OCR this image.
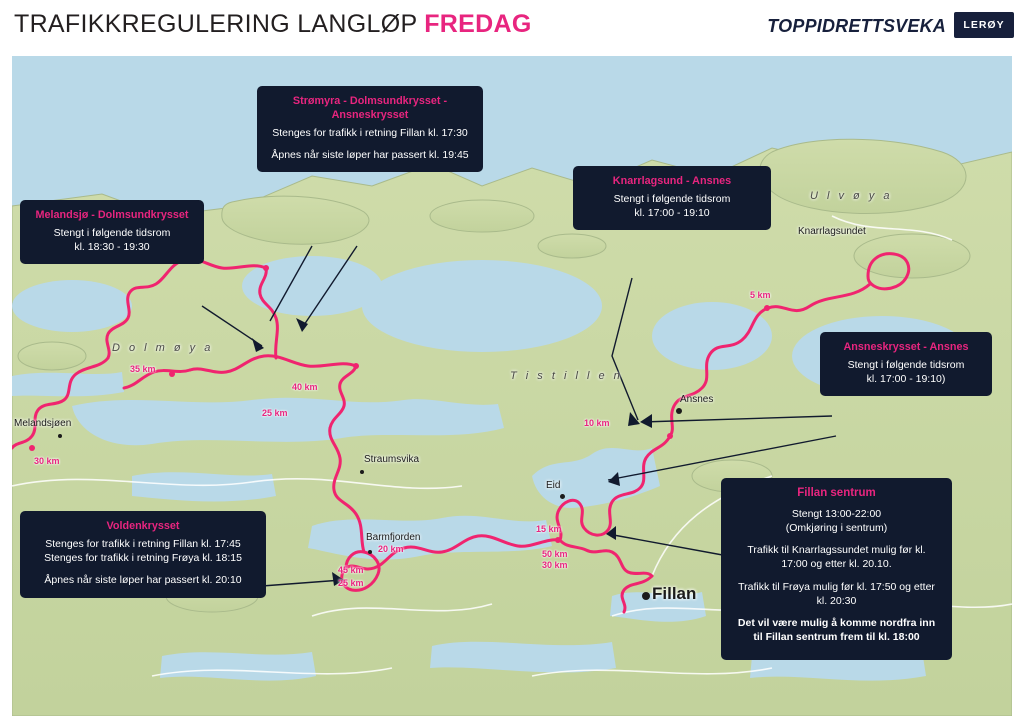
TRAFIKKREGULERING LANGLØP FREDAG	TOPPIDRETTSVEKA	LERØY
U l v ø y a
D o l m ø y a
T i s t i l l e n
Knarrlagsundet
Ansnes
Eid
Straumsvika
Barmfjorden
Melandsjøen
Fillan
5 km
10 km
15 km
20 km
25 km
25 km
30 km
30 km
35 km
40 km
45 km
50 km
Melandsjø - Dolmsundkrysset

Stengt i følgende tidsrom

kl. 18:30 - 19:30

Strømyra - Dolmsundkrysset - Ansneskrysset

Stenges for trafikk i retning Fillan kl. 17:30

Åpnes når siste løper har passert kl. 19:45

Knarrlagsund - Ansnes

Stengt i følgende tidsrom

kl. 17:00 - 19:10

Ansneskrysset - Ansnes

Stengt i følgende tidsrom

kl. 17:00 - 19:10)

Voldenkrysset

Stenges for trafikk i retning Fillan kl. 17:45

Stenges for trafikk i retning Frøya kl. 18:15

Åpnes når siste løper har passert kl. 20:10

Fillan sentrum

Stengt 13:00-22:00

(Omkjøring i sentrum)

Trafikk til Knarrlagssundet mulig før kl. 17:00 og etter kl. 20.10.

Trafikk til Frøya mulig før kl. 17:50 og etter kl. 20:30

Det vil være mulig å komme nordfra inn til Fillan sentrum frem til kl. 18:00
